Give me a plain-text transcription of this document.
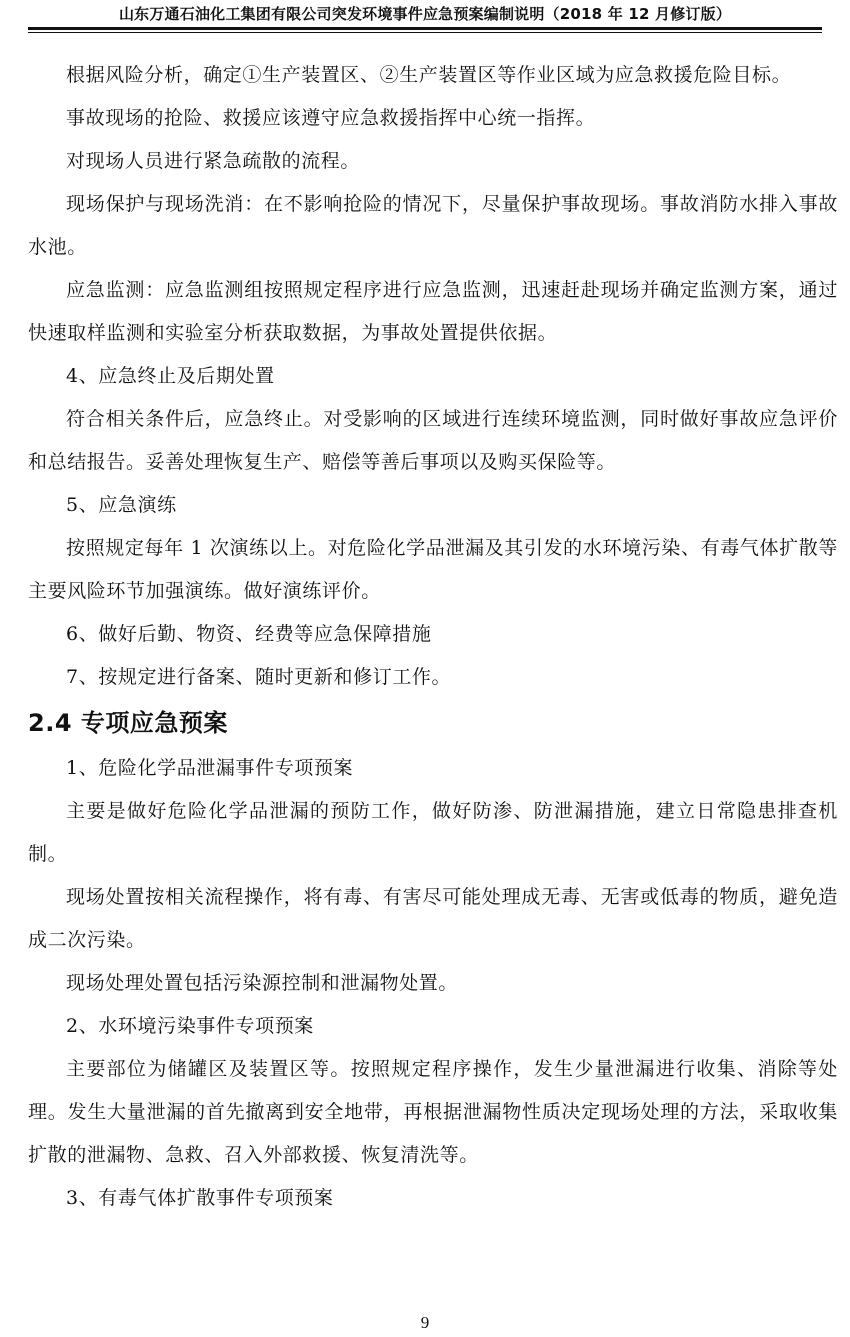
山东万通石油化工集团有限公司突发环境事件应急预案编制说明（2018 年 12 月修订版）

根据风险分析，确定①生产装置区、②生产装置区等作业区域为应急救援危险目标。

事故现场的抢险、救援应该遵守应急救援指挥中心统一指挥。

对现场人员进行紧急疏散的流程。

现场保护与现场洗消：在不影响抢险的情况下，尽量保护事故现场。事故消防水排入事故水池。

应急监测：应急监测组按照规定程序进行应急监测，迅速赶赴现场并确定监测方案，通过快速取样监测和实验室分析获取数据，为事故处置提供依据。

4、应急终止及后期处置

符合相关条件后，应急终止。对受影响的区域进行连续环境监测，同时做好事故应急评价和总结报告。妥善处理恢复生产、赔偿等善后事项以及购买保险等。

5、应急演练

按照规定每年 1 次演练以上。对危险化学品泄漏及其引发的水环境污染、有毒气体扩散等主要风险环节加强演练。做好演练评价。

6、做好后勤、物资、经费等应急保障措施

7、按规定进行备案、随时更新和修订工作。

2.4 专项应急预案

1、危险化学品泄漏事件专项预案

主要是做好危险化学品泄漏的预防工作，做好防渗、防泄漏措施，建立日常隐患排查机制。

现场处置按相关流程操作，将有毒、有害尽可能处理成无毒、无害或低毒的物质，避免造成二次污染。

现场处理处置包括污染源控制和泄漏物处置。

2、水环境污染事件专项预案

主要部位为储罐区及装置区等。按照规定程序操作，发生少量泄漏进行收集、消除等处理。发生大量泄漏的首先撤离到安全地带，再根据泄漏物性质决定现场处理的方法，采取收集扩散的泄漏物、急救、召入外部救援、恢复清洗等。

3、有毒气体扩散事件专项预案

9
